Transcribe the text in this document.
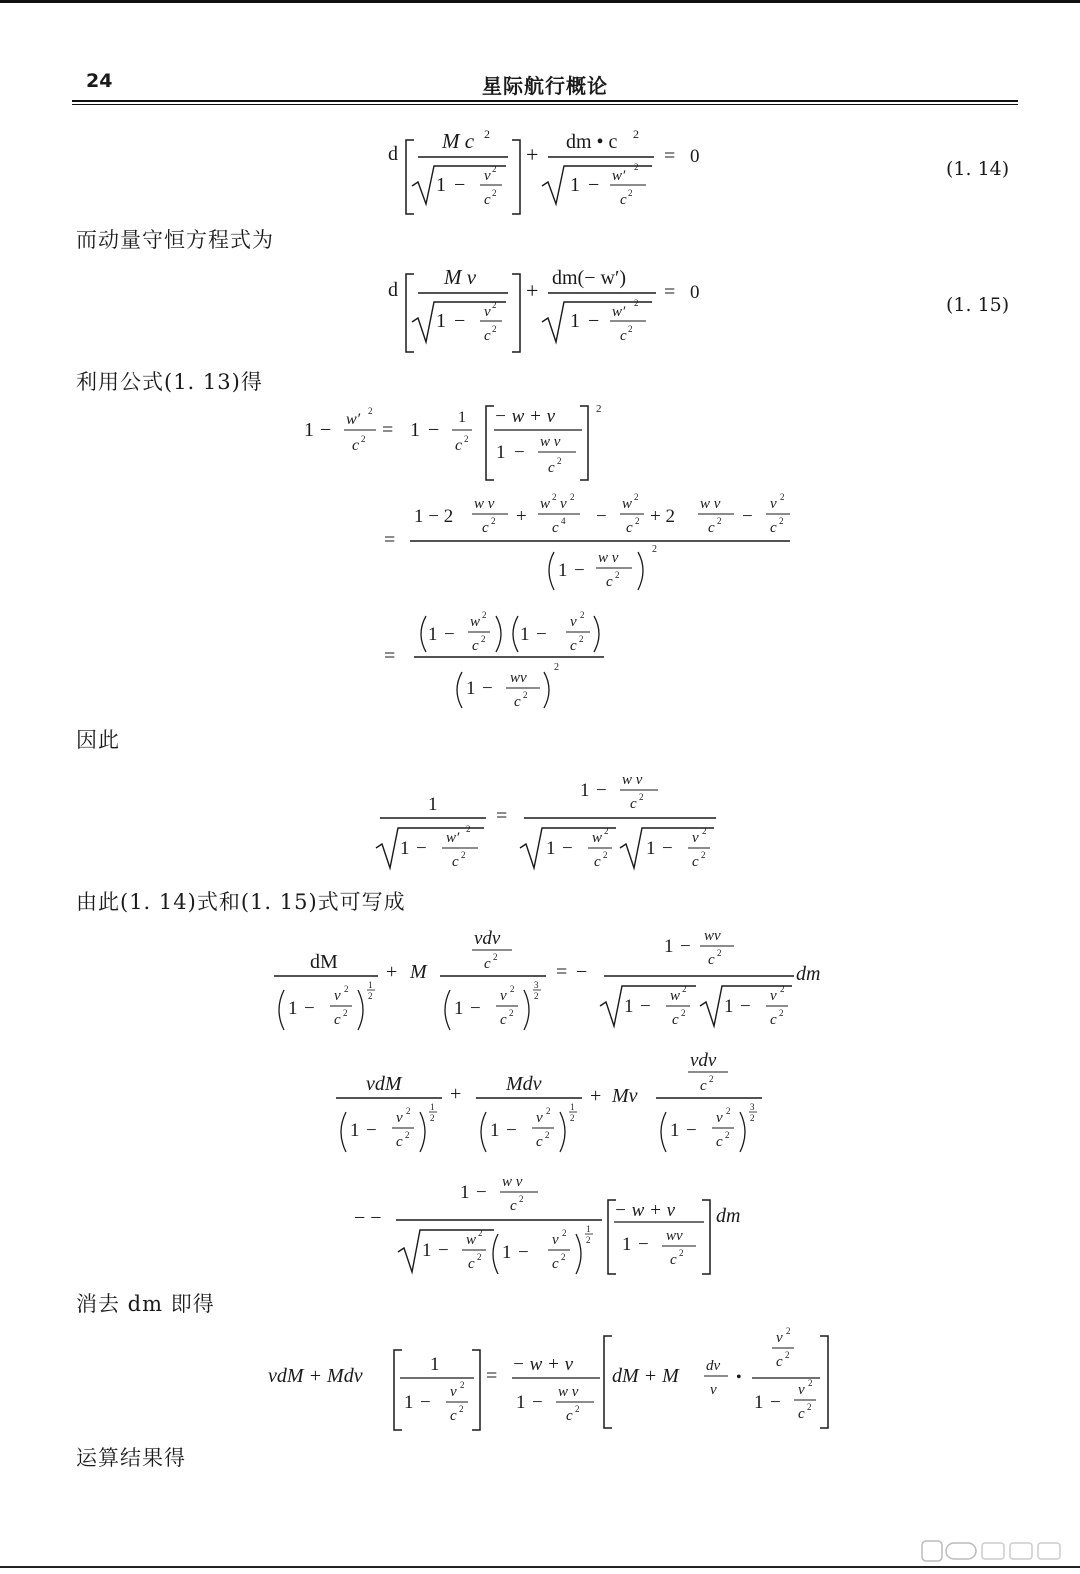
24	星际航行概论
d
M c 2
1 − v 2
c 2
+ dm • c 2
1 − w′
2
c 2
= 0
(1. 14)
而动量守恒方程式为
d
M v
1 − v 2
c 2
+ dm(− w′)
1 − w′
2
c 2
= 0
(1. 15)
利用公式(1. 13)得
1 − w′ 2
c 2 = 1 −
1
c 2
− w + v
1 − w v
c 2
2
=
1 − 2
w v
c 2 +
w 2 v 2
c 4 −
w 2
c 2 + 2
w v
c 2 −
v 2
c 2
1 −
w v
c 2
2
=
1 −
w 2
c 2 1 −
v 2
c 2
1 − wv
c 2
2
因此
1
1 − w′
2
c 2
=
1 − w v
c 2
1 − w 2
c 2 1 − v 2
c 2
由此(1. 14)式和(1. 15)式可写成
dM
1 −
v 2
c 2
1
2
+ M
vdv
c 2
1 −
v 2
c 2
3
2
= −
1 − wv
c 2
1 − w 2
c 2 1 − v 2
c 2
dm
vdM
1 −
v 2
c 2
1
2
+ Mdv
1 −
v 2
c 2
1
2
+ Mv
vdv
c 2
1 −
v 2
c 2
3
2
− −
1 − w v
c 2
1 − w 2
c 2 1 −
v 2
c 2
1
2
− w + v
1 − wv
c 2
dm
消去 dm 即得
vdM + Mdv
1
1 − v 2
c 2
=
− w + v
1 − w v
c 2
dM + M dv
v
•
v 2
c 2
1 −
v 2
c 2
运算结果得
